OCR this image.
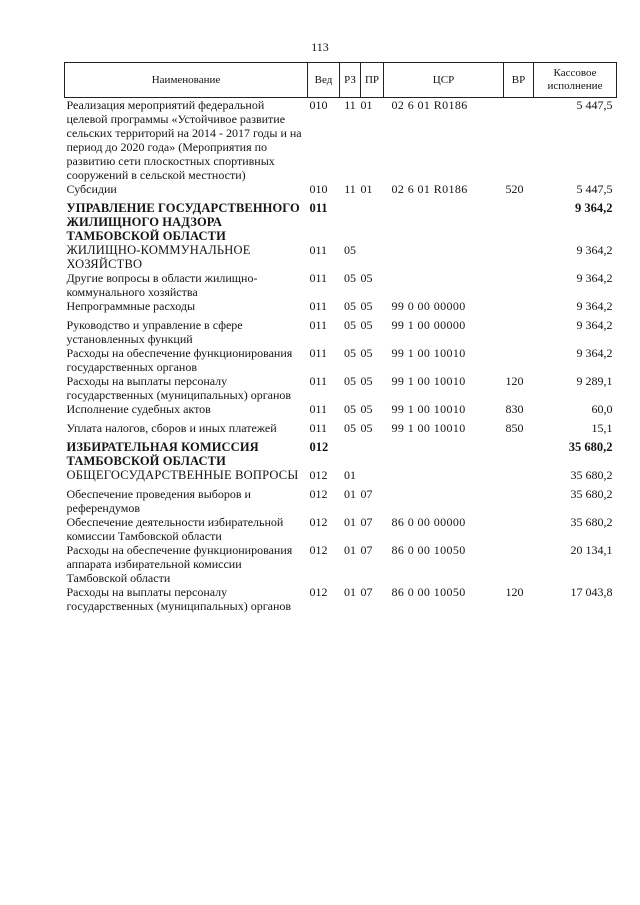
113
Наименование	Вед	РЗ	ПР	ЦСР	ВР	Кассовое исполнение
Реализация мероприятий федеральной целевой программы «Устойчивое развитие сельских территорий на 2014 - 2017 годы и на период до 2020 года» (Мероприятия по развитию сети плоскостных спортивных сооружений в сельской местности)	010	11	01	02 6 01 R0186		5 447,5
Субсидии	010	11	01	02 6 01 R0186	520	5 447,5
УПРАВЛЕНИЕ ГОСУДАРСТВЕННОГО ЖИЛИЩНОГО НАДЗОРА ТАМБОВСКОЙ ОБЛАСТИ	011					9 364,2
ЖИЛИЩНО-КОММУНАЛЬНОЕ ХОЗЯЙСТВО	011	05				9 364,2
Другие вопросы в области жилищно-коммунального хозяйства	011	05	05			9 364,2
Непрограммные расходы	011	05	05	99 0 00 00000		9 364,2
Руководство и управление в сфере установленных функций	011	05	05	99 1 00 00000		9 364,2
Расходы на обеспечение функционирования государственных органов	011	05	05	99 1 00 10010		9 364,2
Расходы на выплаты персоналу государственных (муниципальных) органов	011	05	05	99 1 00 10010	120	9 289,1
Исполнение судебных актов	011	05	05	99 1 00 10010	830	60,0
Уплата налогов, сборов и иных платежей	011	05	05	99 1 00 10010	850	15,1
ИЗБИРАТЕЛЬНАЯ КОМИССИЯ ТАМБОВСКОЙ ОБЛАСТИ	012					35 680,2
ОБЩЕГОСУДАРСТВЕННЫЕ ВОПРОСЫ	012	01				35 680,2
Обеспечение проведения выборов и референдумов	012	01	07			35 680,2
Обеспечение деятельности избирательной комиссии Тамбовской области	012	01	07	86 0 00 00000		35 680,2
Расходы на обеспечение функционирования аппарата избирательной комиссии Тамбовской области	012	01	07	86 0 00 10050		20 134,1
Расходы на выплаты персоналу государственных (муниципальных) органов	012	01	07	86 0 00 10050	120	17 043,8
